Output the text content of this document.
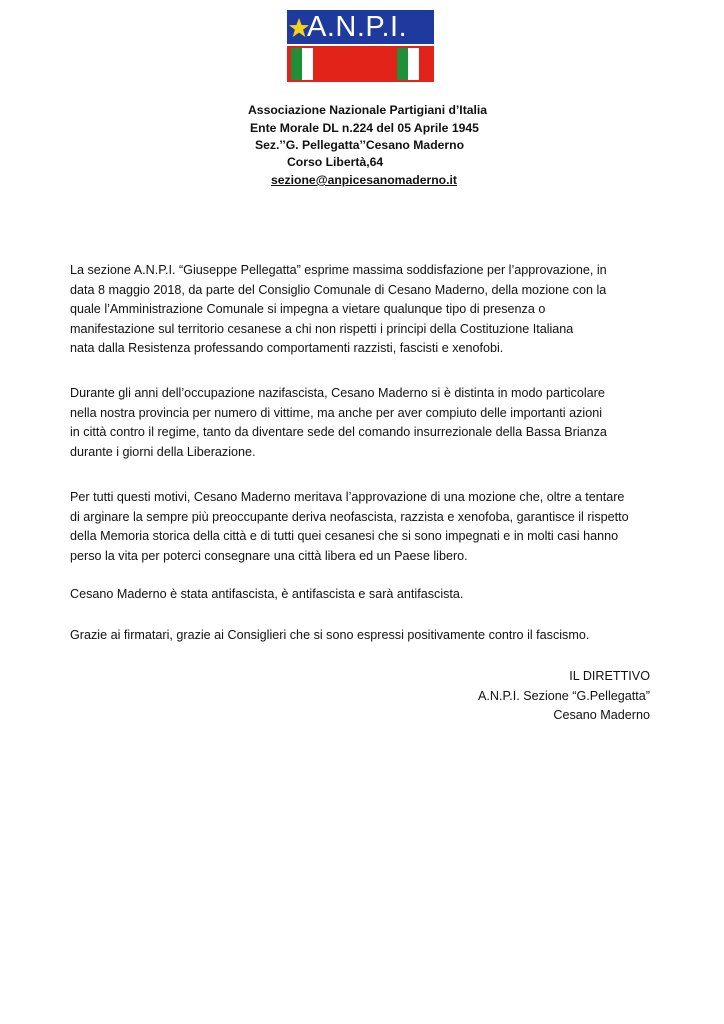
A.N.P.I.
Associazione Nazionale Partigiani d’Italia
Ente Morale DL n.224 del 05 Aprile 1945
Sez.’’G. Pellegatta’’Cesano Maderno
Corso Libertà,64
sezione@anpicesanomaderno.it
La sezione A.N.P.I. “Giuseppe Pellegatta” esprime massima soddisfazione per l’approvazione, in
data 8 maggio 2018, da parte del Consiglio Comunale di Cesano Maderno, della mozione con la
quale l’Amministrazione Comunale si impegna a vietare qualunque tipo di presenza o
manifestazione sul territorio cesanese a chi non rispetti i principi della Costituzione Italiana
nata dalla Resistenza professando comportamenti razzisti, fascisti e xenofobi.
Durante gli anni dell’occupazione nazifascista, Cesano Maderno si è distinta in modo particolare
nella nostra provincia per numero di vittime, ma anche per aver compiuto delle importanti azioni
in città contro il regime, tanto da diventare sede del comando insurrezionale della Bassa Brianza
durante i giorni della Liberazione.
Per tutti questi motivi, Cesano Maderno meritava l’approvazione di una mozione che, oltre a tentare
di arginare la sempre più preoccupante deriva neofascista, razzista e xenofoba, garantisce il rispetto
della Memoria storica della città e di tutti quei cesanesi che si sono impegnati e in molti casi hanno
perso la vita per poterci consegnare una città libera ed un Paese libero.
Cesano Maderno è stata antifascista, è antifascista e sarà antifascista.
Grazie ai firmatari, grazie ai Consiglieri che si sono espressi positivamente contro il fascismo.
IL DIRETTIVO
A.N.P.I. Sezione “G.Pellegatta”
Cesano Maderno
